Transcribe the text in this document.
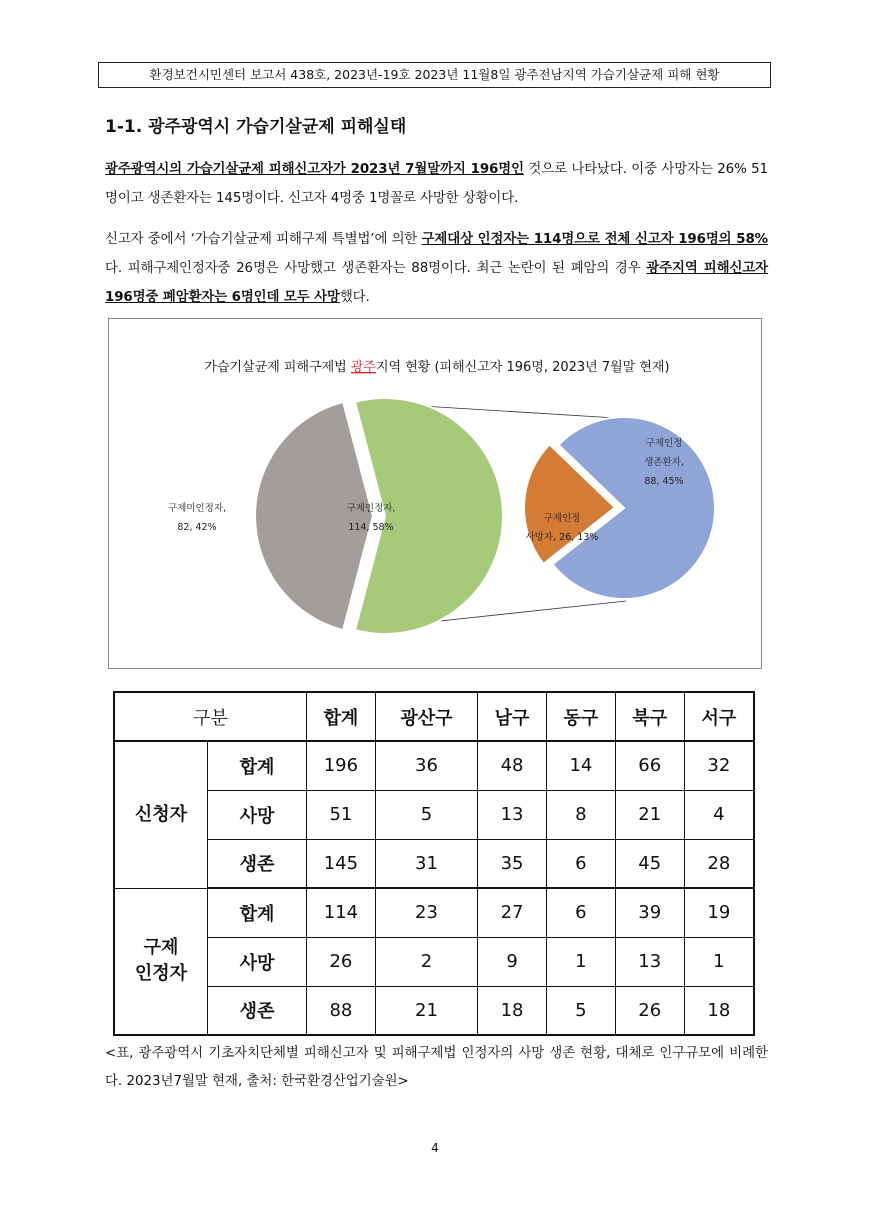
환경보건시민센터 보고서 438호, 2023년-19호 2023년 11월8일 광주전남지역 가습기살균제 피해 현황
1-1. 광주광역시 가습기살균제 피해실태
광주광역시의 가습기살균제 피해신고자가 2023년 7월말까지 196명인 것으로 나타났다. 이중 사망자는 26% 51명이고 생존환자는 145명이다. 신고자 4명중 1명꼴로 사망한 상황이다.
신고자 중에서 ‘가습기살균제 피해구제 특별법’에 의한 구제대상 인정자는 114명으로 전체 신고자 196명의 58%다. 피해구제인정자중 26명은 사망했고 생존환자는 88명이다. 최근 논란이 된 폐암의 경우 광주지역 피해신고자 196명중 폐암환자는 6명인데 모두 사망했다.
가습기살균제 피해구제법 광주지역 현황 (피해신고자 196명, 2023년 7월말 현재)
구제미인정자,
82, 42%
구제인정자,
114, 58%
구제인정
생존환자,
88, 45%
구제인정
사망자, 26, 13%
구분		합계	광산구	남구	동구	북구	서구
신청자	합계	196	36	48	14	66	32
	사망	51	5	13	8	21	4
	생존	145	31	35	6	45	28
구제
인정자	합계	114	23	27	6	39	19
	사망	26	2	9	1	13	1
	생존	88	21	18	5	26	18
<표, 광주광역시 기초자치단체별 피해신고자 및 피해구제법 인정자의 사망 생존 현황, 대체로 인구규모에 비례한다. 2023년7월말 현재, 출처: 한국환경산업기술원>
4
